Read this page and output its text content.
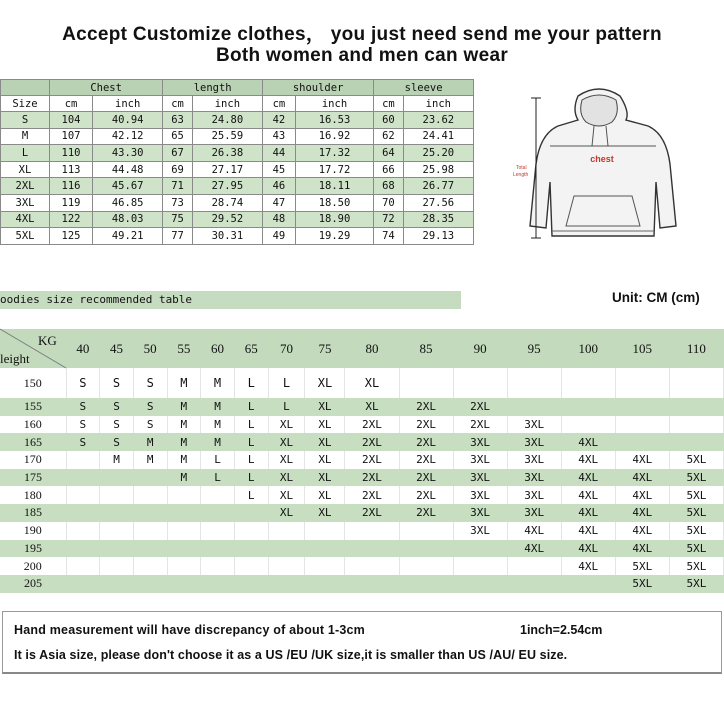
Accept Customize clothes， you just need send me your pattern
Both women and men can wear
	Chest		length		shoulder		sleeve	
Size	cm	inch	cm	inch	cm	inch	cm	inch
S	104	40.94	63	24.80	42	16.53	60	23.62
M	107	42.12	65	25.59	43	16.92	62	24.41
L	110	43.30	67	26.38	44	17.32	64	25.20
XL	113	44.48	69	27.17	45	17.72	66	25.98
2XL	116	45.67	71	27.95	46	18.11	68	26.77
3XL	119	46.85	73	28.74	47	18.50	70	27.56
4XL	122	48.03	75	29.52	48	18.90	72	28.35
5XL	125	49.21	77	30.31	49	19.29	74	29.13
chest
Total
Length
oodies size recommended table	Unit: CM (cm)
KG
leight	40	45	50	55	60	65	70	75	80	85	90	95	100	105	110
150	S	S	S	M	M	L	L	XL	XL						
155	S	S	S	M	M	L	L	XL	XL	2XL	2XL				
160	S	S	S	M	M	L	XL	XL	2XL	2XL	2XL	3XL			
165	S	S	M	M	M	L	XL	XL	2XL	2XL	3XL	3XL	4XL		
170		M	M	M	L	L	XL	XL	2XL	2XL	3XL	3XL	4XL	4XL	5XL
175				M	L	L	XL	XL	2XL	2XL	3XL	3XL	4XL	4XL	5XL
180						L	XL	XL	2XL	2XL	3XL	3XL	4XL	4XL	5XL
185							XL	XL	2XL	2XL	3XL	3XL	4XL	4XL	5XL
190											3XL	4XL	4XL	4XL	5XL
195												4XL	4XL	4XL	5XL
200													4XL	5XL	5XL
205														5XL	5XL
Hand measurement will have discrepancy of about 1-3cm	1inch=2.54cm
It is Asia size, please don't choose it as a US /EU /UK size,it is smaller than US /AU/ EU size.
